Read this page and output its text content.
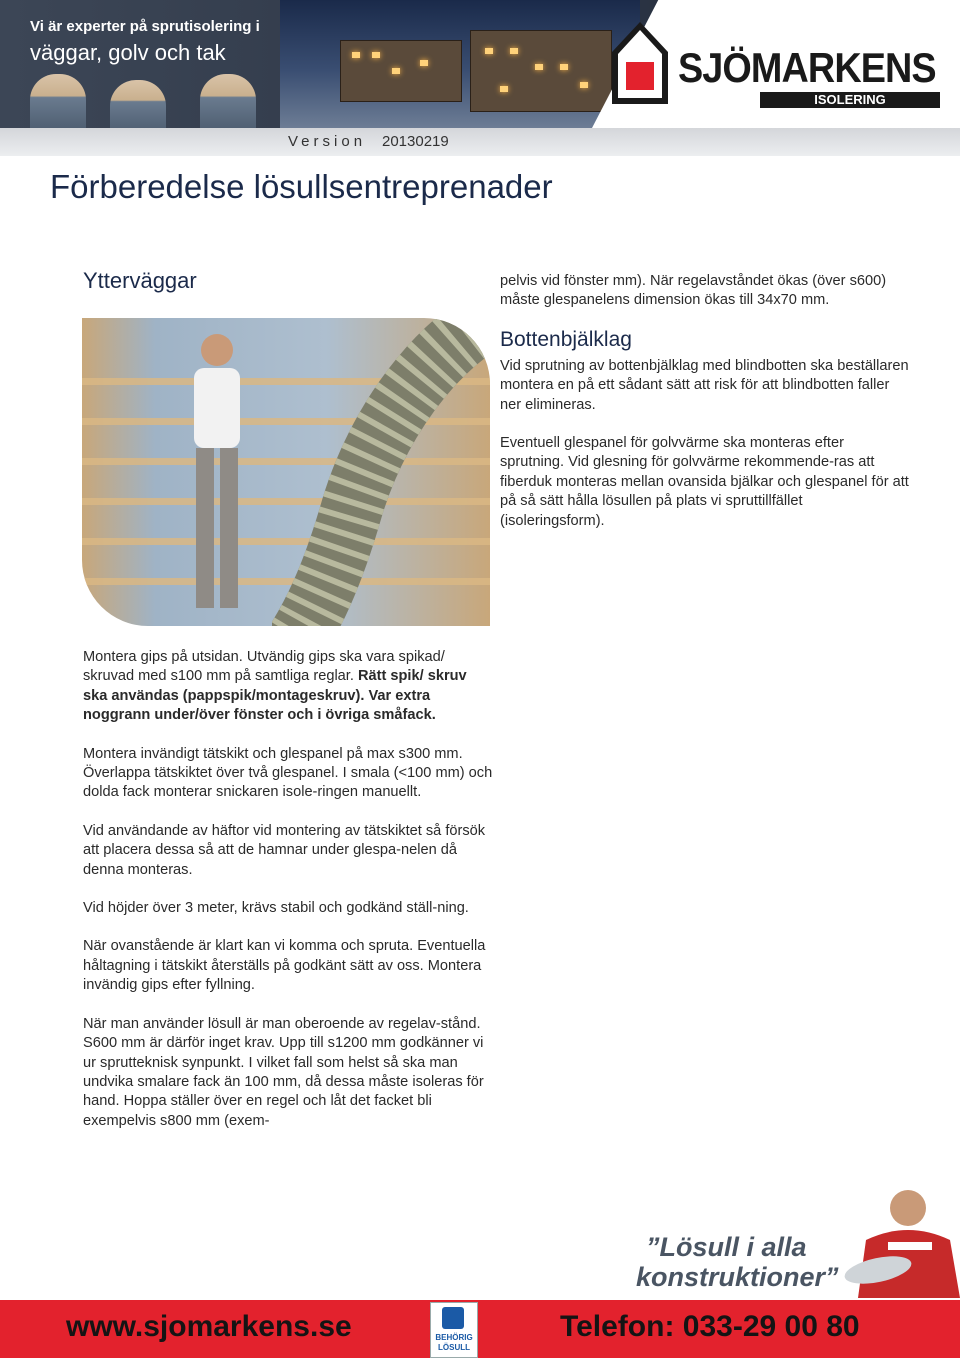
Vi är experter på sprutisolering i
väggar, golv och tak	SJÖMARKENS
ISOLERING
Version 20130219
Förberedelse lösullsentreprenader
Ytterväggar	pelvis vid fönster mm). När regelavståndet ökas (över s600) måste glespanelens dimension ökas till 34x70 mm.

Bottenbjälklag

Vid sprutning av bottenbjälklag med blindbotten ska beställaren montera en på ett sådant sätt att risk för att blindbotten faller ner elimineras.

Eventuell glespanel för golvvärme ska monteras efter sprutning. Vid glesning för golvvärme rekommende-ras att fiberduk monteras mellan ovansida bjälkar och glespanel för att på så sätt hålla lösullen på plats vi spruttillfället (isoleringsform).

Montera gips på utsidan. Utvändig gips ska vara spikad/ skruvad med s100 mm på samtliga reglar. Rätt spik/ skruv ska användas (pappspik/montageskruv). Var extra noggrann under/över fönster och i övriga småfack.

Montera invändigt tätskikt och glespanel på max s300 mm. Överlappa tätskiktet över två glespanel. I smala (<100 mm) och dolda fack monterar snickaren isole-ringen manuellt.

Vid användande av häftor vid montering av tätskiktet så försök att placera dessa så att de hamnar under glespa-nelen då denna monteras.

Vid höjder över 3 meter, krävs stabil och godkänd ställ-ning.

När ovanstående är klart kan vi komma och spruta. Eventuella håltagning i tätskikt återställs på godkänt sätt av oss. Montera invändig gips efter fyllning.

När man använder lösull är man oberoende av regelav-stånd. S600 mm är därför inget krav. Upp till s1200 mm godkänner vi ur sprutteknisk synpunkt. I vilket fall som helst så ska man undvika smalare fack än 100 mm, då dessa måste isoleras för hand. Hoppa ställer över en regel och låt det facket bli exempelvis s800 mm (exem-

”Lösull i alla
konstruktioner”
www.sjomarkens.se	Telefon: 033-29 00 80
BEHÖRIG
LÖSULL
